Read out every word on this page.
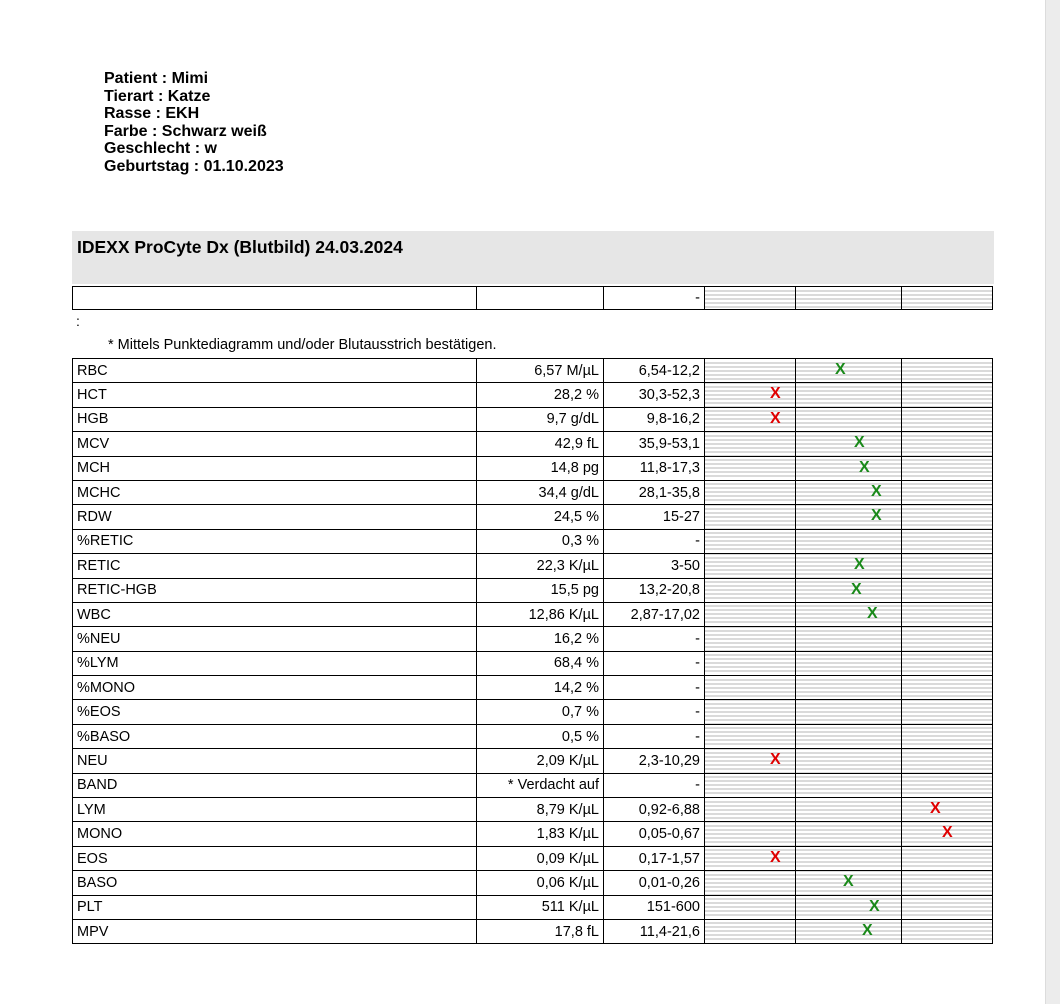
Patient : Mimi
Tierart : Katze
Rasse : EKH
Farbe : Schwarz weiß
Geschlecht : w
Geburtstag : 01.10.2023
IDEXX ProCyte Dx (Blutbild) 24.03.2024
		-			
:
* Mittels Punktediagramm und/oder Blutausstrich bestätigen.
RBC	6,57 M/µL	6,54-12,2		X	

HCT	28,2 %	30,3-52,3	X		

HGB	9,7 g/dL	9,8-16,2	X		

MCV	42,9 fL	35,9-53,1		X	

MCH	14,8 pg	11,8-17,3		X	

MCHC	34,4 g/dL	28,1-35,8		X	

RDW	24,5 %	15-27		X	

%RETIC	0,3 %	-			
RETIC	22,3 K/µL	3-50		X	

RETIC-HGB	15,5 pg	13,2-20,8		X	

WBC	12,86 K/µL	2,87-17,02		X	

%NEU	16,2 %	-			
%LYM	68,4 %	-			
%MONO	14,2 %	-			
%EOS	0,7 %	-			
%BASO	0,5 %	-			
NEU	2,09 K/µL	2,3-10,29	X		

BAND	* Verdacht auf	-			
LYM	8,79 K/µL	0,92-6,88			X

MONO	1,83 K/µL	0,05-0,67			X

EOS	0,09 K/µL	0,17-1,57	X		

BASO	0,06 K/µL	0,01-0,26		X	

PLT	511 K/µL	151-600		X	

MPV	17,8 fL	11,4-21,6		X	
